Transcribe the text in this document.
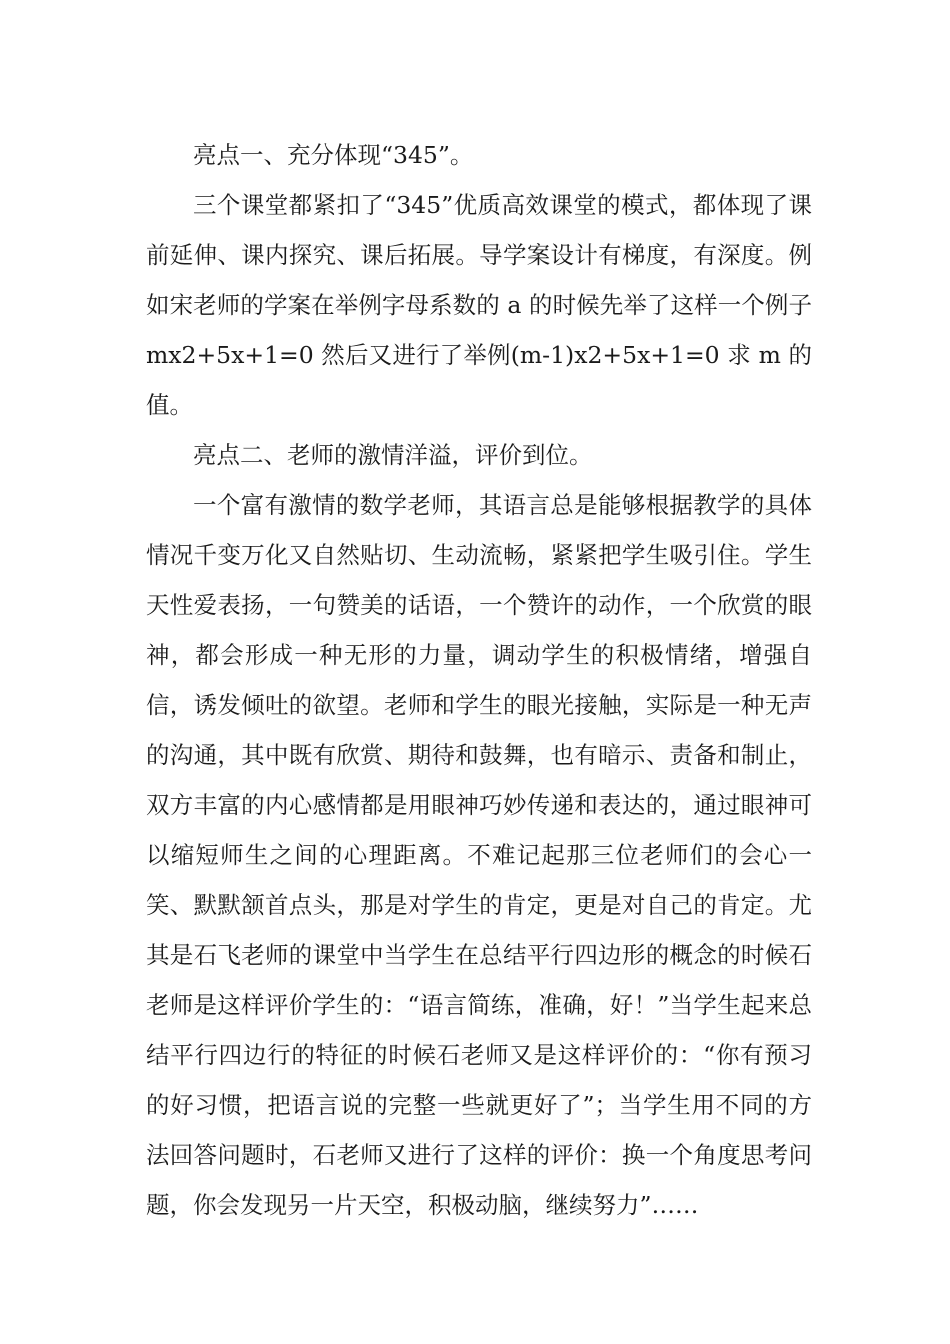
亮点一、充分体现“345”。

三个课堂都紧扣了“345”优质高效课堂的模式，都体现了课前延伸、课内探究、课后拓展。导学案设计有梯度，有深度。例如宋老师的学案在举例字母系数的 a 的时候先举了这样一个例子 mx2+5x+1=0 然后又进行了举例(m-1)x2+5x+1=0 求 m 的值。

亮点二、老师的激情洋溢，评价到位。

一个富有激情的数学老师，其语言总是能够根据教学的具体情况千变万化又自然贴切、生动流畅，紧紧把学生吸引住。学生天性爱表扬，一句赞美的话语，一个赞许的动作，一个欣赏的眼神，都会形成一种无形的力量，调动学生的积极情绪，增强自信，诱发倾吐的欲望。老师和学生的眼光接触，实际是一种无声的沟通，其中既有欣赏、期待和鼓舞，也有暗示、责备和制止，双方丰富的内心感情都是用眼神巧妙传递和表达的，通过眼神可以缩短师生之间的心理距离。不难记起那三位老师们的会心一笑、默默颔首点头，那是对学生的肯定，更是对自己的肯定。尤其是石飞老师的课堂中当学生在总结平行四边形的概念的时候石老师是这样评价学生的：“语言简练，准确，好！”当学生起来总结平行四边行的特征的时候石老师又是这样评价的：“你有预习的好习惯，把语言说的完整一些就更好了”；当学生用不同的方法回答问题时，石老师又进行了这样的评价：换一个角度思考问题，你会发现另一片天空，积极动脑，继续努力”……
